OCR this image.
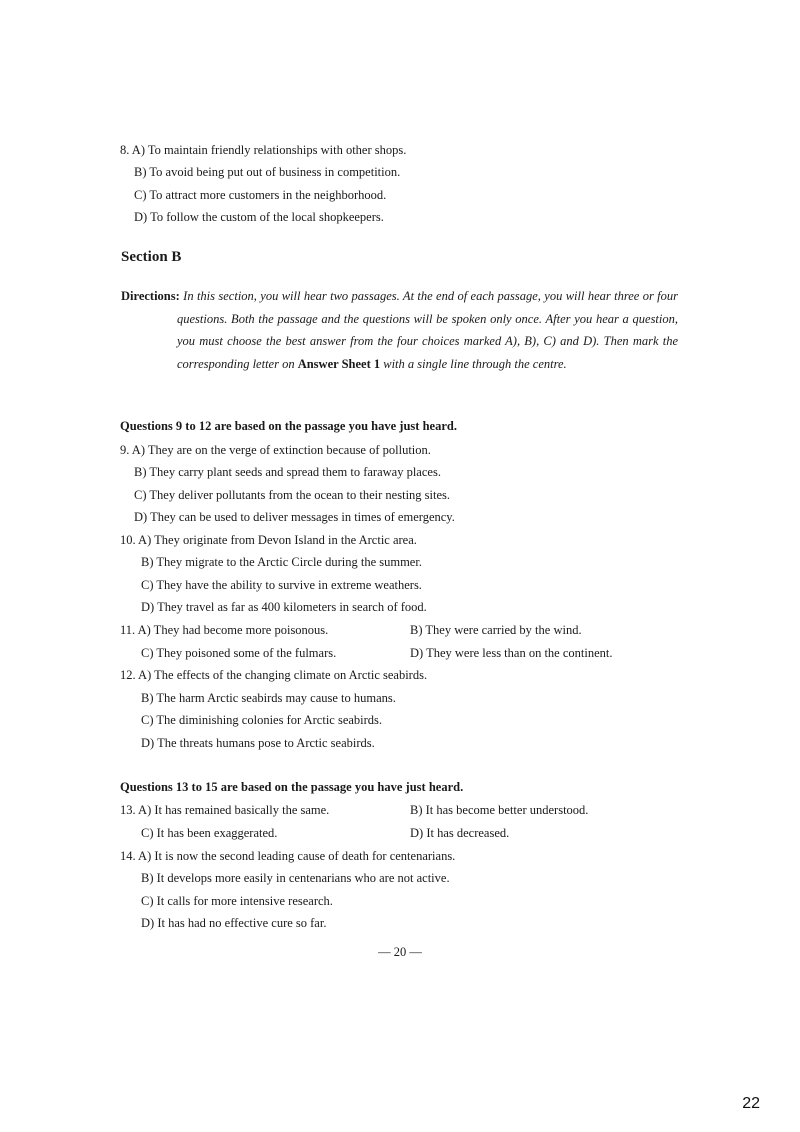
8. A) To maintain friendly relationships with other shops.
B) To avoid being put out of business in competition.
C) To attract more customers in the neighborhood.
D) To follow the custom of the local shopkeepers.
Section B

Directions: In this section, you will hear two passages. At the end of each passage, you will hear three or four questions. Both the passage and the questions will be spoken only once. After you hear a question, you must choose the best answer from the four choices marked A), B), C) and D). Then mark the corresponding letter on Answer Sheet 1 with a single line through the centre.

Questions 9 to 12 are based on the passage you have just heard.
9. A) They are on the verge of extinction because of pollution.
B) They carry plant seeds and spread them to faraway places.
C) They deliver pollutants from the ocean to their nesting sites.
D) They can be used to deliver messages in times of emergency.
10. A) They originate from Devon Island in the Arctic area.
B) They migrate to the Arctic Circle during the summer.
C) They have the ability to survive in extreme weathers.
D) They travel as far as 400 kilometers in search of food.
11. A) They had become more poisonous.	B) They were carried by the wind.
C) They poisoned some of the fulmars.	D) They were less than on the continent.
12. A) The effects of the changing climate on Arctic seabirds.
B) The harm Arctic seabirds may cause to humans.
C) The diminishing colonies for Arctic seabirds.
D) The threats humans pose to Arctic seabirds.
Questions 13 to 15 are based on the passage you have just heard.
13. A) It has remained basically the same.	B) It has become better understood.
C) It has been exaggerated.	D) It has decreased.
14. A) It is now the second leading cause of death for centenarians.
B) It develops more easily in centenarians who are not active.
C) It calls for more intensive research.
D) It has had no effective cure so far.
— 20 —
22
